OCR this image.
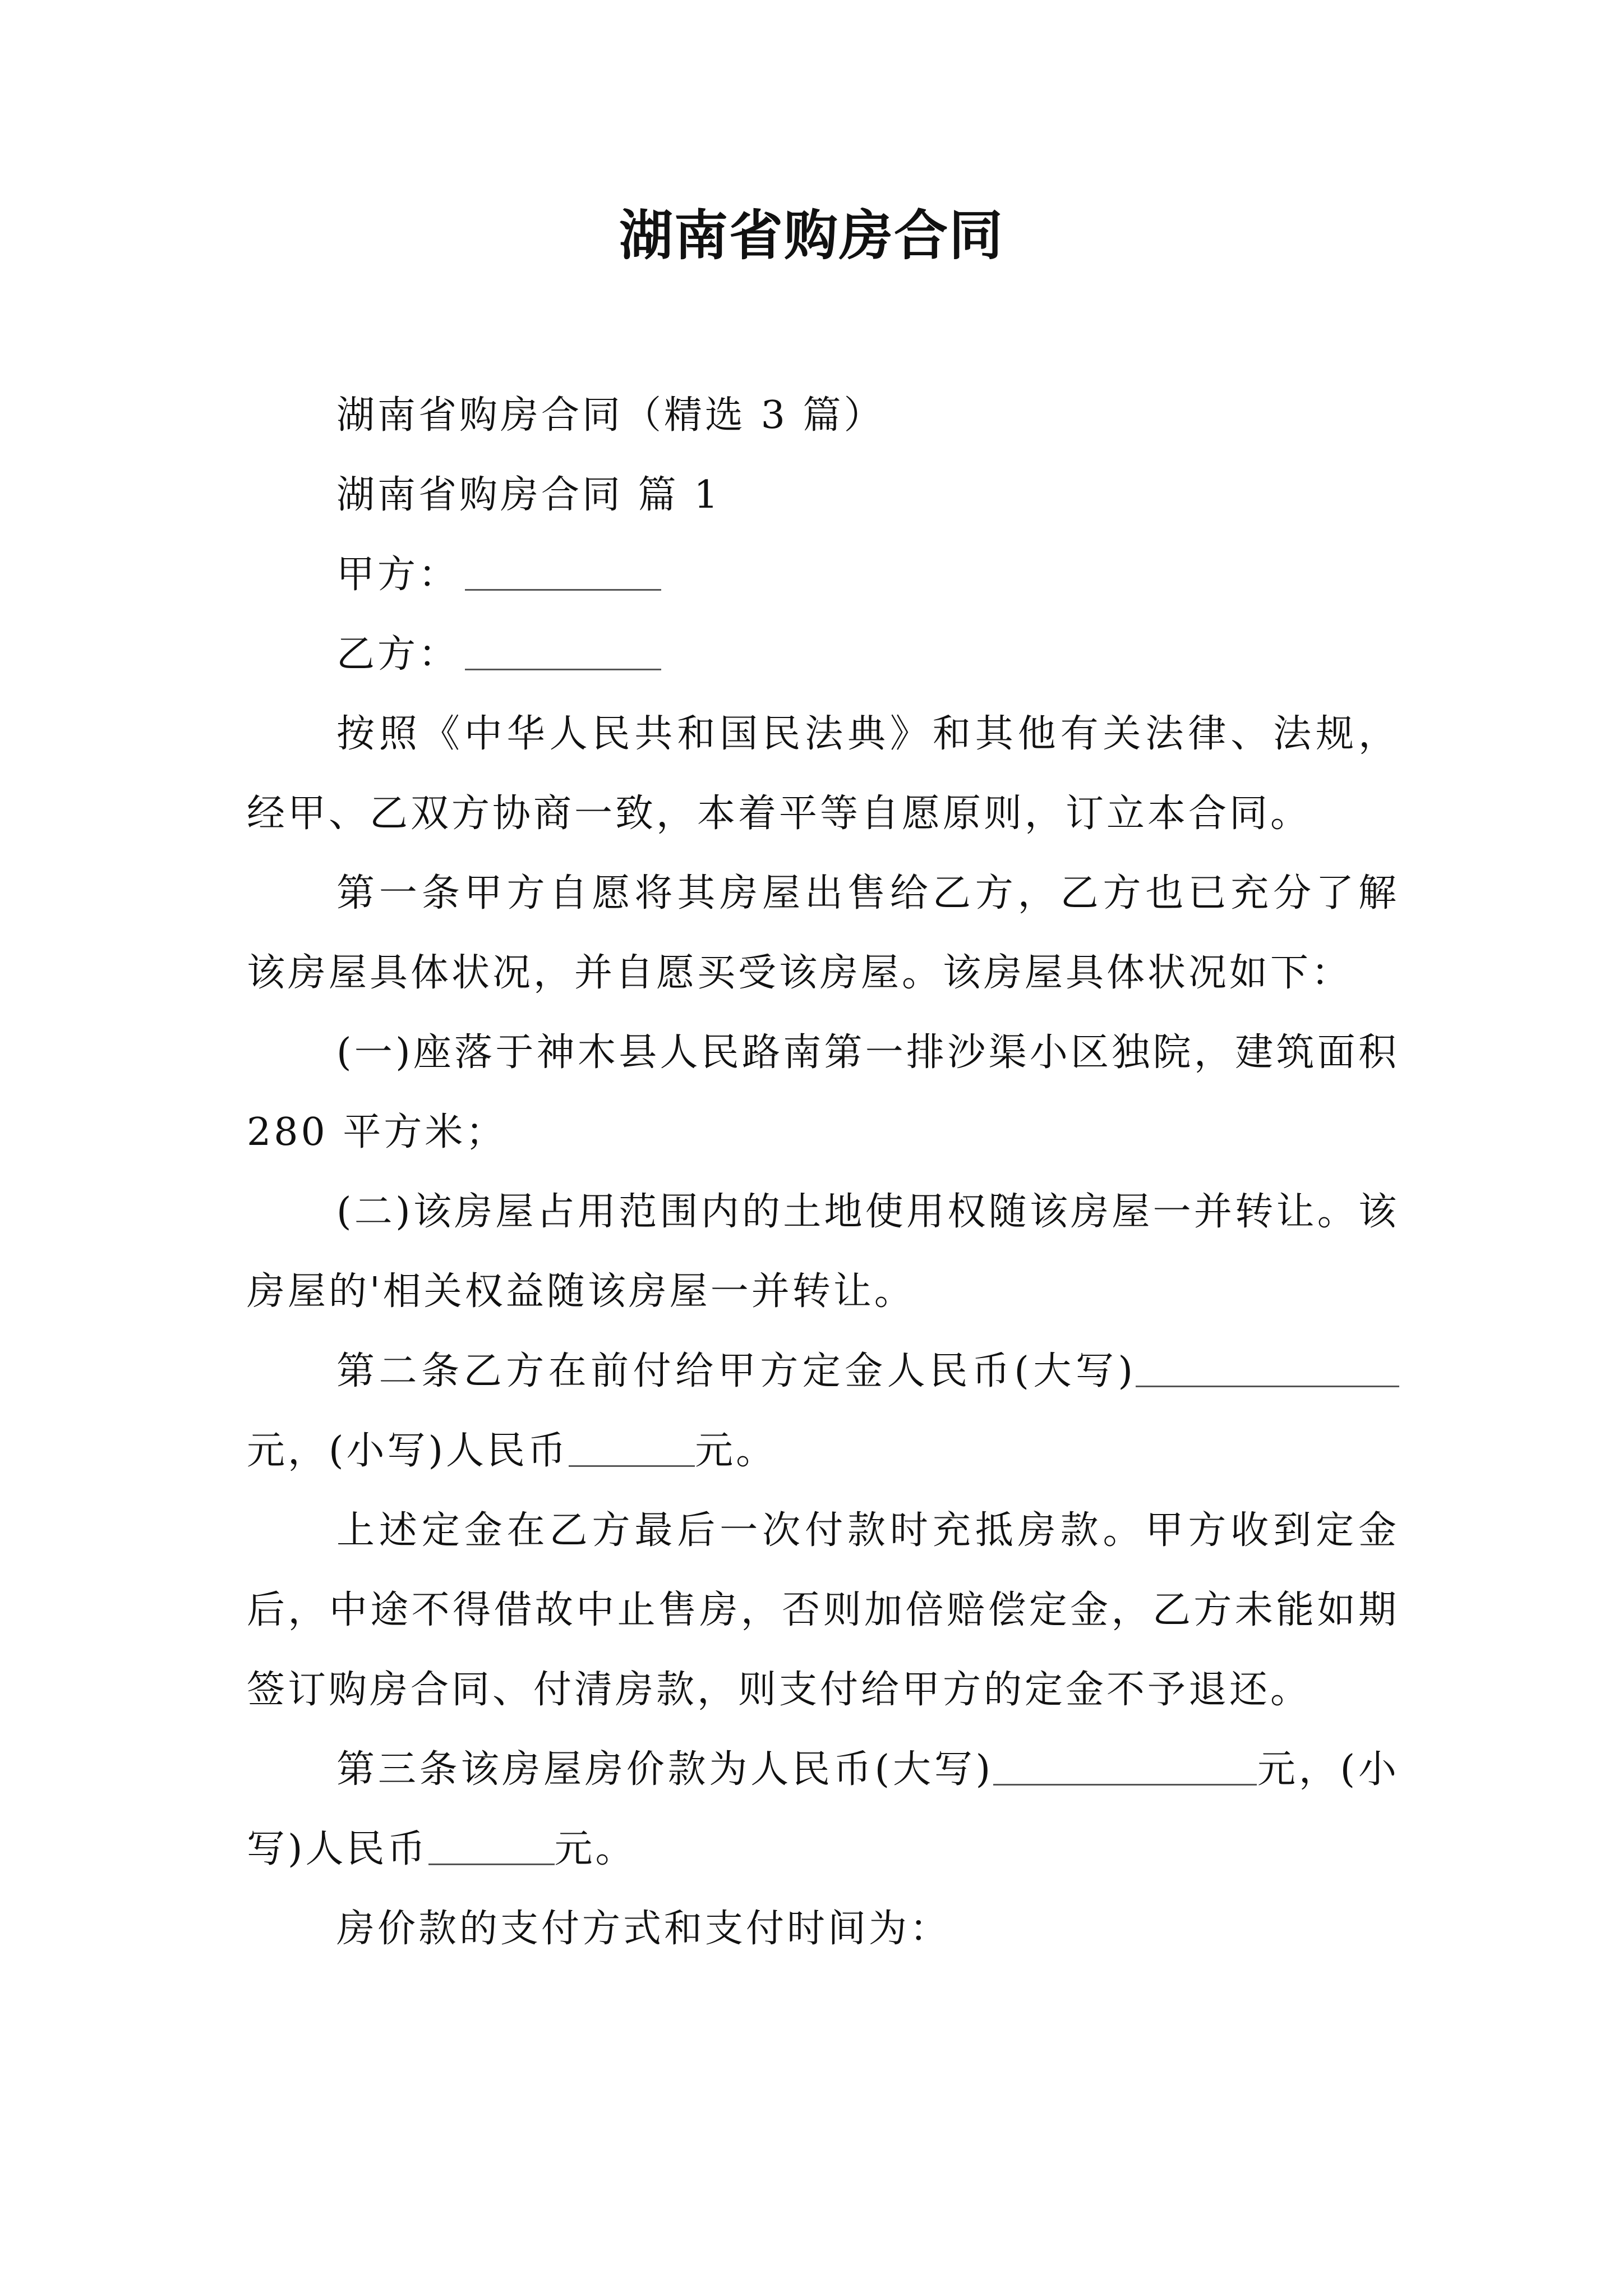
湖南省购房合同

湖南省购房合同（精选 3 篇）

湖南省购房合同 篇 1

甲方：

乙方：

按照《中华人民共和国民法典》和其他有关法律、法规，经甲、乙双方协商一致，本着平等自愿原则，订立本合同。

第一条甲方自愿将其房屋出售给乙方，乙方也已充分了解该房屋具体状况，并自愿买受该房屋。该房屋具体状况如下：

(一)座落于神木县人民路南第一排沙渠小区独院，建筑面积 280 平方米；

(二)该房屋占用范围内的土地使用权随该房屋一并转让。该房屋的'相关权益随该房屋一并转让。

第二条乙方在前付给甲方定金人民币(大写)元，(小写)人民币	元。

上述定金在乙方最后一次付款时充抵房款。甲方收到定金后，中途不得借故中止售房，否则加倍赔偿定金，乙方未能如期签订购房合同、付清房款，则支付给甲方的定金不予退还。

第三条该房屋房价款为人民币(大写)	元，(小写)人民币	元。

房价款的支付方式和支付时间为：
